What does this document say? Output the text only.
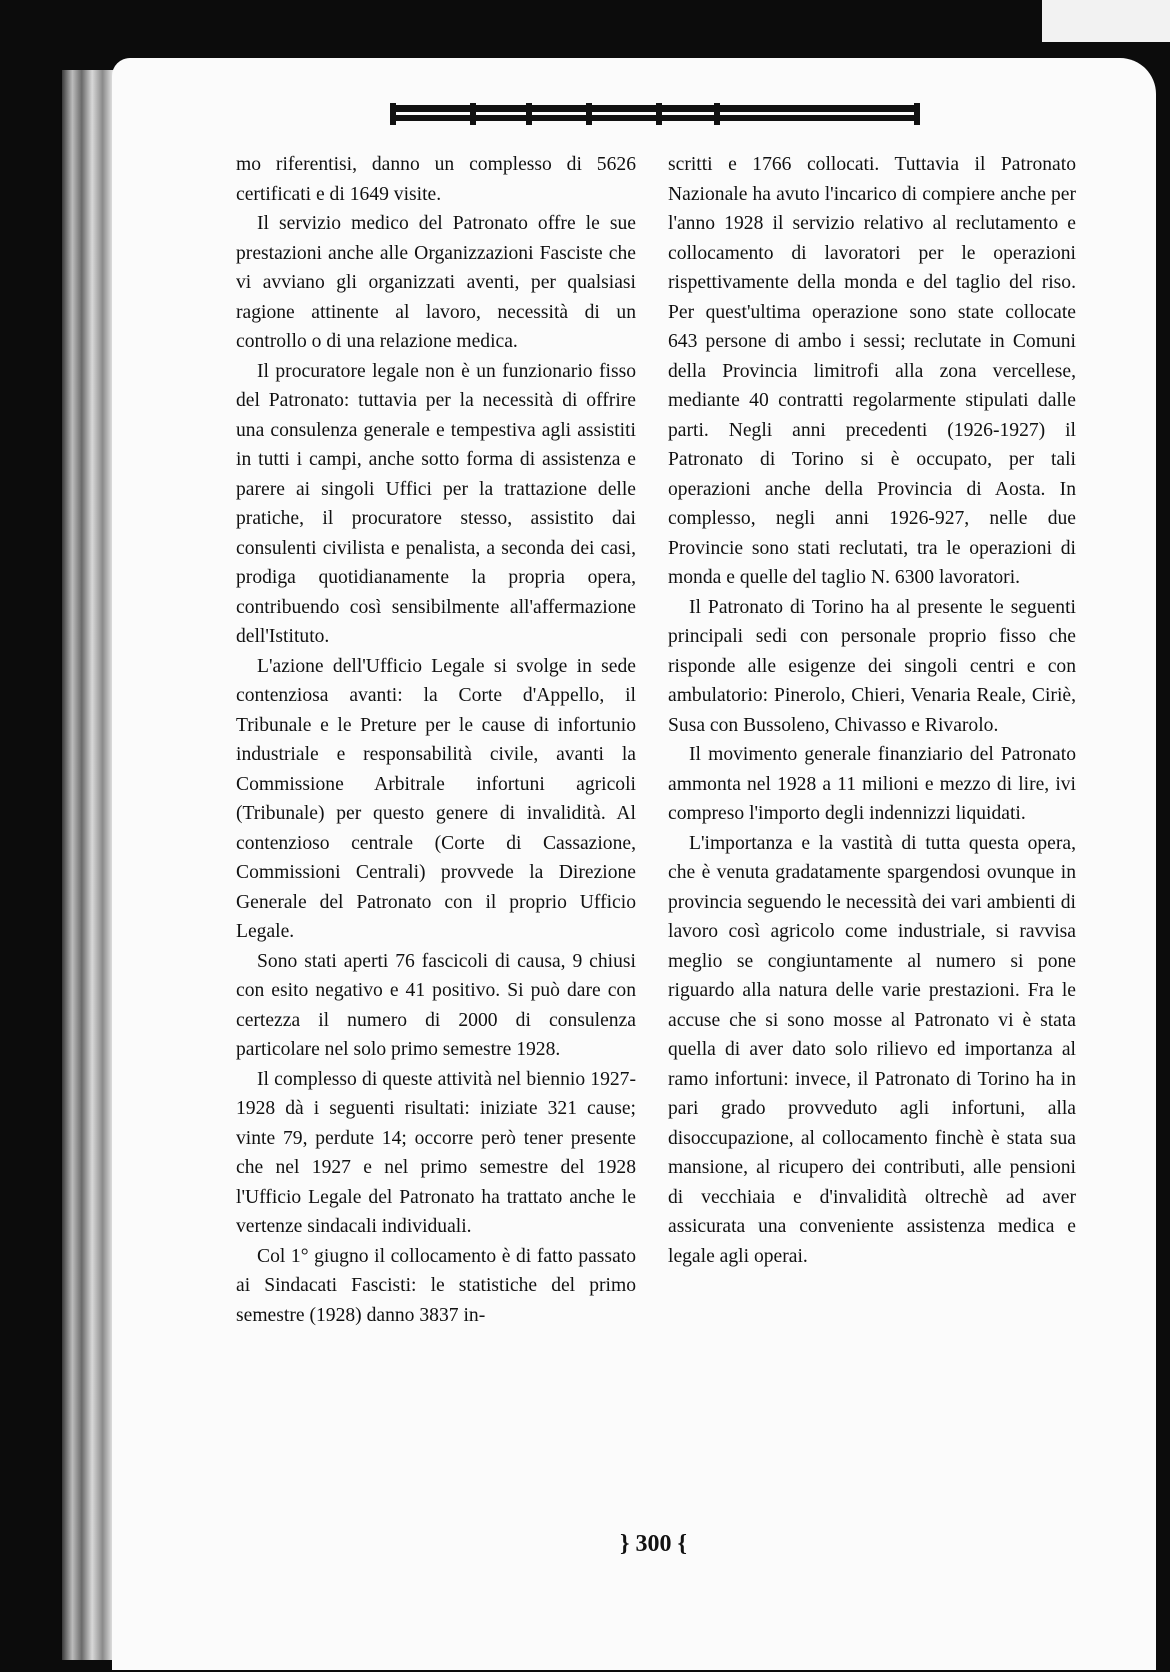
mo riferentisi, danno un complesso di 5626 certificati e di 1649 visite.

Il servizio medico del Patronato offre le sue prestazioni anche alle Organizzazioni Fasciste che vi avviano gli organizzati aventi, per qualsiasi ragione attinente al lavoro, necessità di un controllo o di una relazione medica.

Il procuratore legale non è un funzionario fisso del Patronato: tuttavia per la necessità di offrire una consulenza generale e tempestiva agli assistiti in tutti i campi, anche sotto forma di assistenza e parere ai singoli Uffici per la trattazione delle pratiche, il procuratore stesso, assistito dai consulenti civilista e penalista, a seconda dei casi, prodiga quotidianamente la propria opera, contribuendo così sensibilmente all'affermazione dell'Istituto.

L'azione dell'Ufficio Legale si svolge in sede contenziosa avanti: la Corte d'Appello, il Tribunale e le Preture per le cause di infortunio industriale e responsabilità civile, avanti la Commissione Arbitrale infortuni agricoli (Tribunale) per questo genere di invalidità. Al contenzioso centrale (Corte di Cassazione, Commissioni Centrali) provvede la Direzione Generale del Patronato con il proprio Ufficio Legale.

Sono stati aperti 76 fascicoli di causa, 9 chiusi con esito negativo e 41 positivo. Si può dare con certezza il numero di 2000 di consulenza particolare nel solo primo semestre 1928.

Il complesso di queste attività nel biennio 1927-1928 dà i seguenti risultati: iniziate 321 cause; vinte 79, perdute 14; occorre però tener presente che nel 1927 e nel primo semestre del 1928 l'Ufficio Legale del Patronato ha trattato anche le vertenze sindacali individuali.

Col 1° giugno il collocamento è di fatto passato ai Sindacati Fascisti: le statistiche del primo semestre (1928) danno 3837 in-

scritti e 1766 collocati. Tuttavia il Patronato Nazionale ha avuto l'incarico di compiere anche per l'anno 1928 il servizio relativo al reclutamento e collocamento di lavoratori per le operazioni rispettivamente della monda e del taglio del riso. Per quest'ultima operazione sono state collocate 643 persone di ambo i sessi; reclutate in Comuni della Provincia limitrofi alla zona vercellese, mediante 40 contratti regolarmente stipulati dalle parti. Negli anni precedenti (1926-1927) il Patronato di Torino si è occupato, per tali operazioni anche della Provincia di Aosta. In complesso, negli anni 1926-927, nelle due Provincie sono stati reclutati, tra le operazioni di monda e quelle del taglio N. 6300 lavoratori.

Il Patronato di Torino ha al presente le seguenti principali sedi con personale proprio fisso che risponde alle esigenze dei singoli centri e con ambulatorio: Pinerolo, Chieri, Venaria Reale, Ciriè, Susa con Bussoleno, Chivasso e Rivarolo.

Il movimento generale finanziario del Patronato ammonta nel 1928 a 11 milioni e mezzo di lire, ivi compreso l'importo degli indennizzi liquidati.

L'importanza e la vastità di tutta questa opera, che è venuta gradatamente spargendosi ovunque in provincia seguendo le necessità dei vari ambienti di lavoro così agricolo come industriale, si ravvisa meglio se congiuntamente al numero si pone riguardo alla natura delle varie prestazioni. Fra le accuse che si sono mosse al Patronato vi è stata quella di aver dato solo rilievo ed importanza al ramo infortuni: invece, il Patronato di Torino ha in pari grado provveduto agli infortuni, alla disoccupazione, al collocamento finchè è stata sua mansione, al ricupero dei contributi, alle pensioni di vecchiaia e d'invalidità oltrechè ad aver assicurata una conveniente assistenza medica e legale agli operai.

} 300 {
